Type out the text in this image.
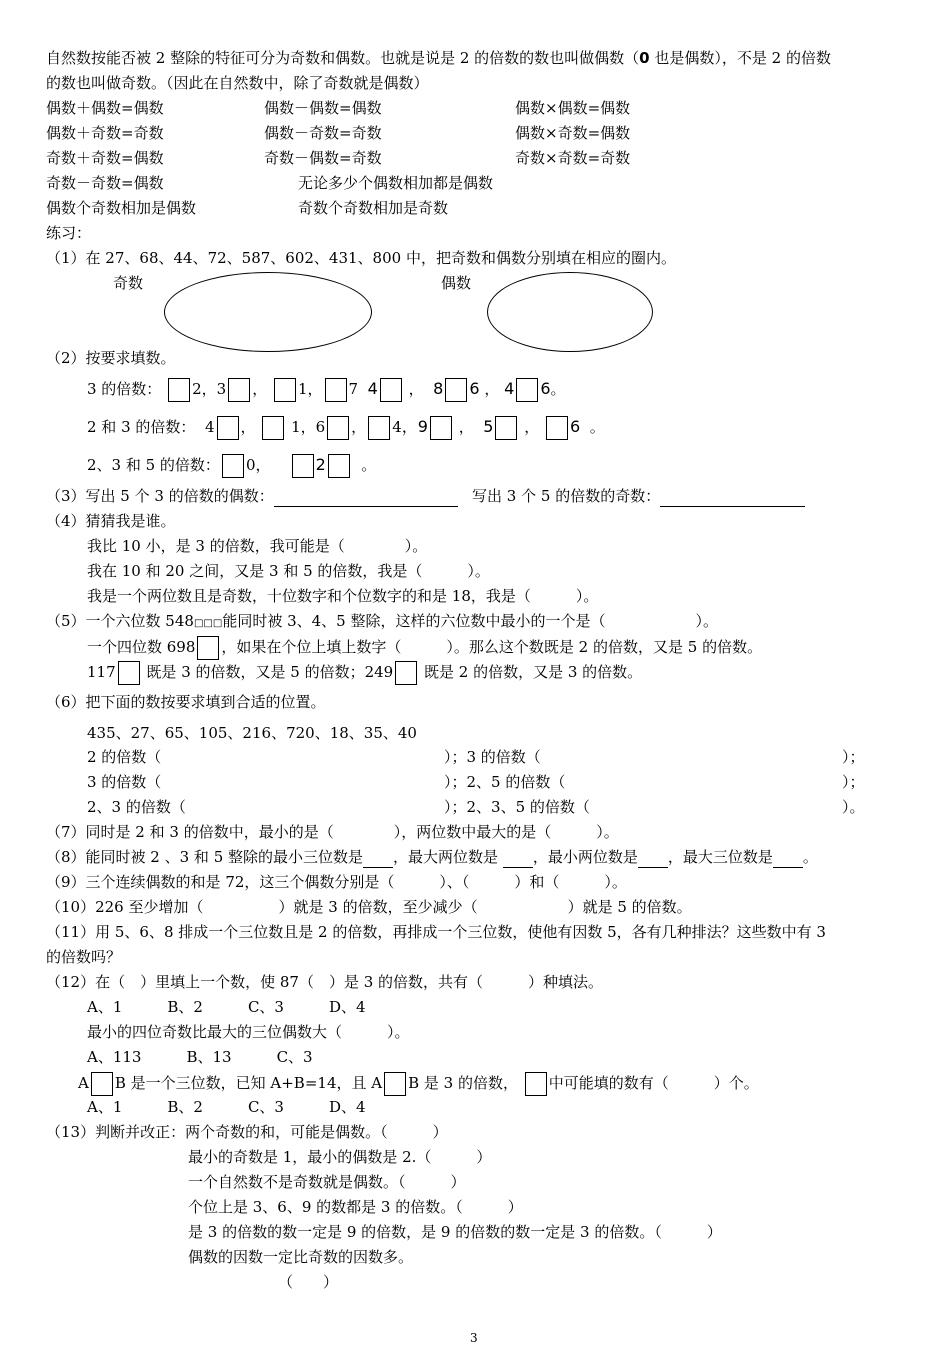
自然数按能否被 2 整除的特征可分为奇数和偶数。也就是说是 2 的倍数的数也叫做偶数（0 也是偶数），不是 2 的倍数
的数也叫做奇数。（因此在自然数中，除了奇数就是偶数）
偶数＋偶数=偶数	偶数－偶数=偶数	偶数×偶数=偶数
偶数＋奇数=奇数	偶数－奇数=奇数	偶数×奇数=偶数
奇数＋奇数=偶数	奇数－偶数=奇数	奇数×奇数=奇数
奇数－奇数=偶数	无论多少个偶数相加都是偶数
偶数个奇数相加是偶数	奇数个奇数相加是奇数
练习：
（1）在 27、68、44、72、587、602、431、800 中，把奇数和偶数分别填在相应的圈内。
奇数	偶数
（2）按要求填数。
3 的倍数： 2，3 ， 1， 7 4 ， 8 6 ， 4 6。
2 和 3 的倍数： 4 ， 1，6 ， 4，9 ， 5 ， 6 。
2、3 和 5 的倍数： 0，	2 。
（3）写出 5 个 3 的倍数的偶数：	写出 3 个 5 的倍数的奇数：
（4）猜猜我是谁。
我比 10 小，是 3 的倍数，我可能是（　　　　）。
我在 10 和 20 之间，又是 3 和 5 的倍数，我是（　　　）。
我是一个两位数且是奇数，十位数字和个位数字的和是 18，我是（　　　）。
（5）一个六位数 548□□□能同时被 3、4、5 整除，这样的六位数中最小的一个是（　　　　　　）。
一个四位数 698 ，如果在个位上填上数字（　　　）。那么这个数既是 2 的倍数，又是 5 的倍数。
117 既是 3 的倍数，又是 5 的倍数；249 既是 2 的倍数，又是 3 的倍数。
（6）把下面的数按要求填到合适的位置。
435、27、65、105、216、720、18、35、40
2 的倍数（	）；3 的倍数（	）；
3 的倍数（	）；2、5 的倍数（	）；
2、3 的倍数（	）；2、3、5 的倍数（	）。
（7）同时是 2 和 3 的倍数中，最小的是（　　　　），两位数中最大的是（　　　）。
（8）能同时被 2 、3 和 5 整除的最小三位数是 ，最大两位数是  ，最小两位数是 ，最大三位数是 。
（9）三个连续偶数的和是 72，这三个偶数分别是（　　　）、（　　　）和（　　　）。
（10）226 至少增加（　　　　　）就是 3 的倍数，至少减少（　　　　　　）就是 5 的倍数。
（11）用 5、6、8 排成一个三位数且是 2 的倍数，再排成一个三位数，使他有因数 5，各有几种排法？这些数中有 3
的倍数吗？
（12）在（　）里填上一个数，使 87（　）是 3 的倍数，共有（　　　）种填法。
A、1　　　B、2　　　C、3　　　D、4
最小的四位奇数比最大的三位偶数大（　　　）。
A、113　　　B、13　　　C、3
A B 是一个三位数，已知 A+B=14，且 A B 是 3 的倍数， 中可能填的数有（　　　）个。
A、1　　　B、2　　　C、3　　　D、4
（13）判断并改正：两个奇数的和，可能是偶数。（　　　）
最小的奇数是 1，最小的偶数是 2.（　　　）
一个自然数不是奇数就是偶数。（　　　）
个位上是 3、6、9 的数都是 3 的倍数。（　　　）
是 3 的倍数的数一定是 9 的倍数，是 9 的倍数的数一定是 3 的倍数。（　　　）
偶数的因数一定比奇数的因数多。
（　　）
3
